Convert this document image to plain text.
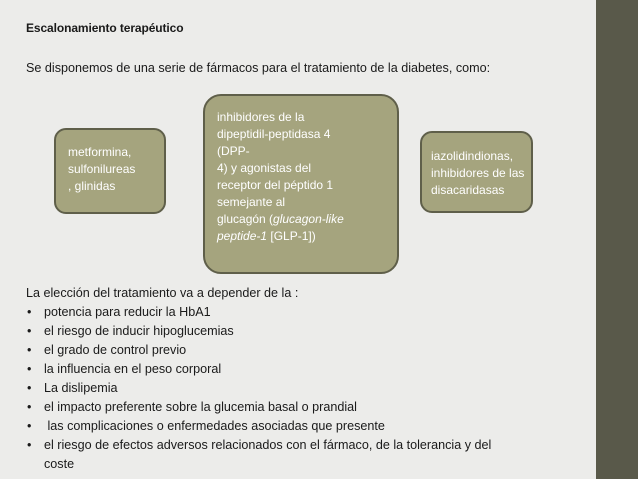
Escalonamiento terapéutico
Se disponemos de una serie de fármacos para el tratamiento de la diabetes, como:
metformina,
sulfonilureas
, glinidas
inhibidores de la
dipeptidil-peptidasa 4
(DPP-
4) y agonistas del
receptor del péptido 1
semejante al
glucagón (glucagon-like
peptide-1 [GLP-1])
iazolidindionas,
inhibidores de las
disacaridasas
La elección del tratamiento va a depender de la :
• potencia para reducir la HbA1
• el riesgo de inducir hipoglucemias
• el grado de control previo
• la influencia en el peso corporal
• La dislipemia
• el impacto preferente sobre la glucemia basal o prandial
• las complicaciones o enfermedades asociadas que presente
• el riesgo de efectos adversos relacionados con el fármaco, de la tolerancia y del
coste
